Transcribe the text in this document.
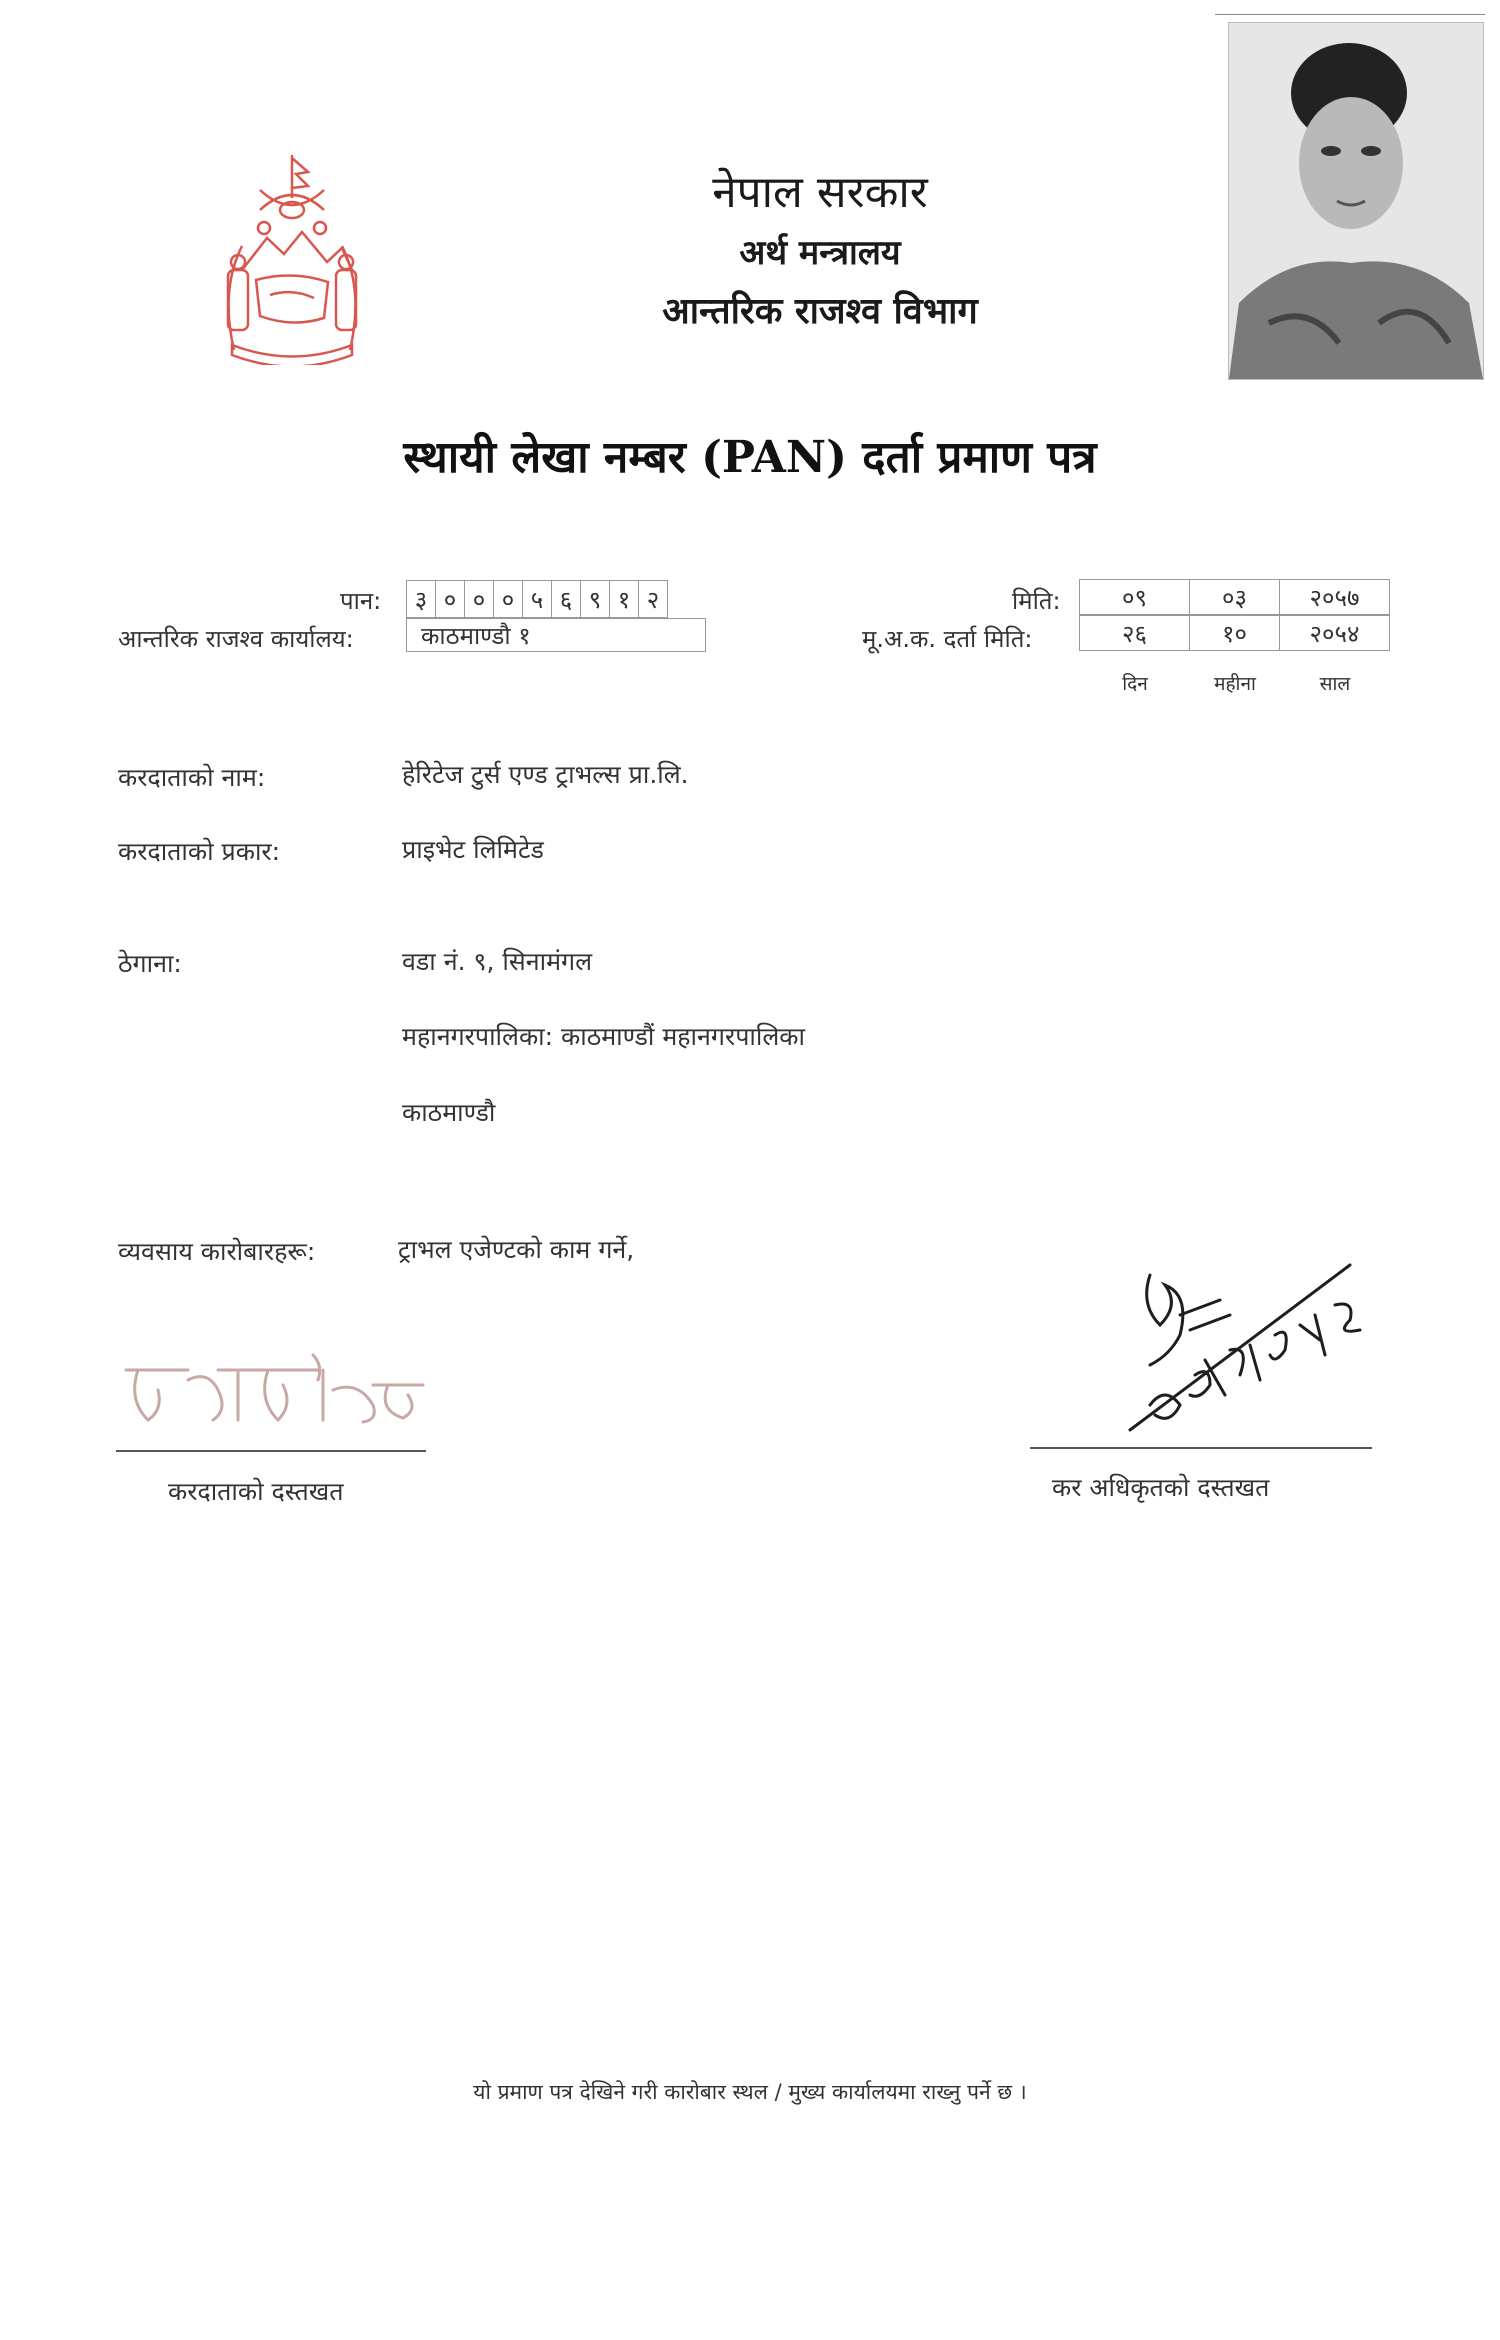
नेपाल सरकार
अर्थ मन्त्रालय
आन्तरिक राजश्व विभाग
स्थायी लेखा नम्बर (PAN) दर्ता प्रमाण पत्र
पान:	३ ० ० ० ५ ६ ९ १ २
आन्तरिक राजश्व कार्यालय:	काठमाण्डौ १
मिति:	०९	०३	२०५७
मू.अ.क. दर्ता मिति:	२६	१०	२०५४
दिन	महीना	साल
करदाताको नाम:	हेरिटेज टुर्स एण्ड ट्राभल्स प्रा.लि.
करदाताको प्रकार:	प्राइभेट लिमिटेड
ठेगाना:	वडा नं. ९, सिनामंगल
महानगरपालिका: काठमाण्डौं महानगरपालिका
काठमाण्डौ
व्यवसाय कारोबारहरू:	ट्राभल एजेण्टको काम गर्ने,
करदाताको दस्तखत	कर अधिकृतको दस्तखत
यो प्रमाण पत्र देखिने गरी कारोबार स्थल / मुख्य कार्यालयमा राख्नु पर्ने छ ।
